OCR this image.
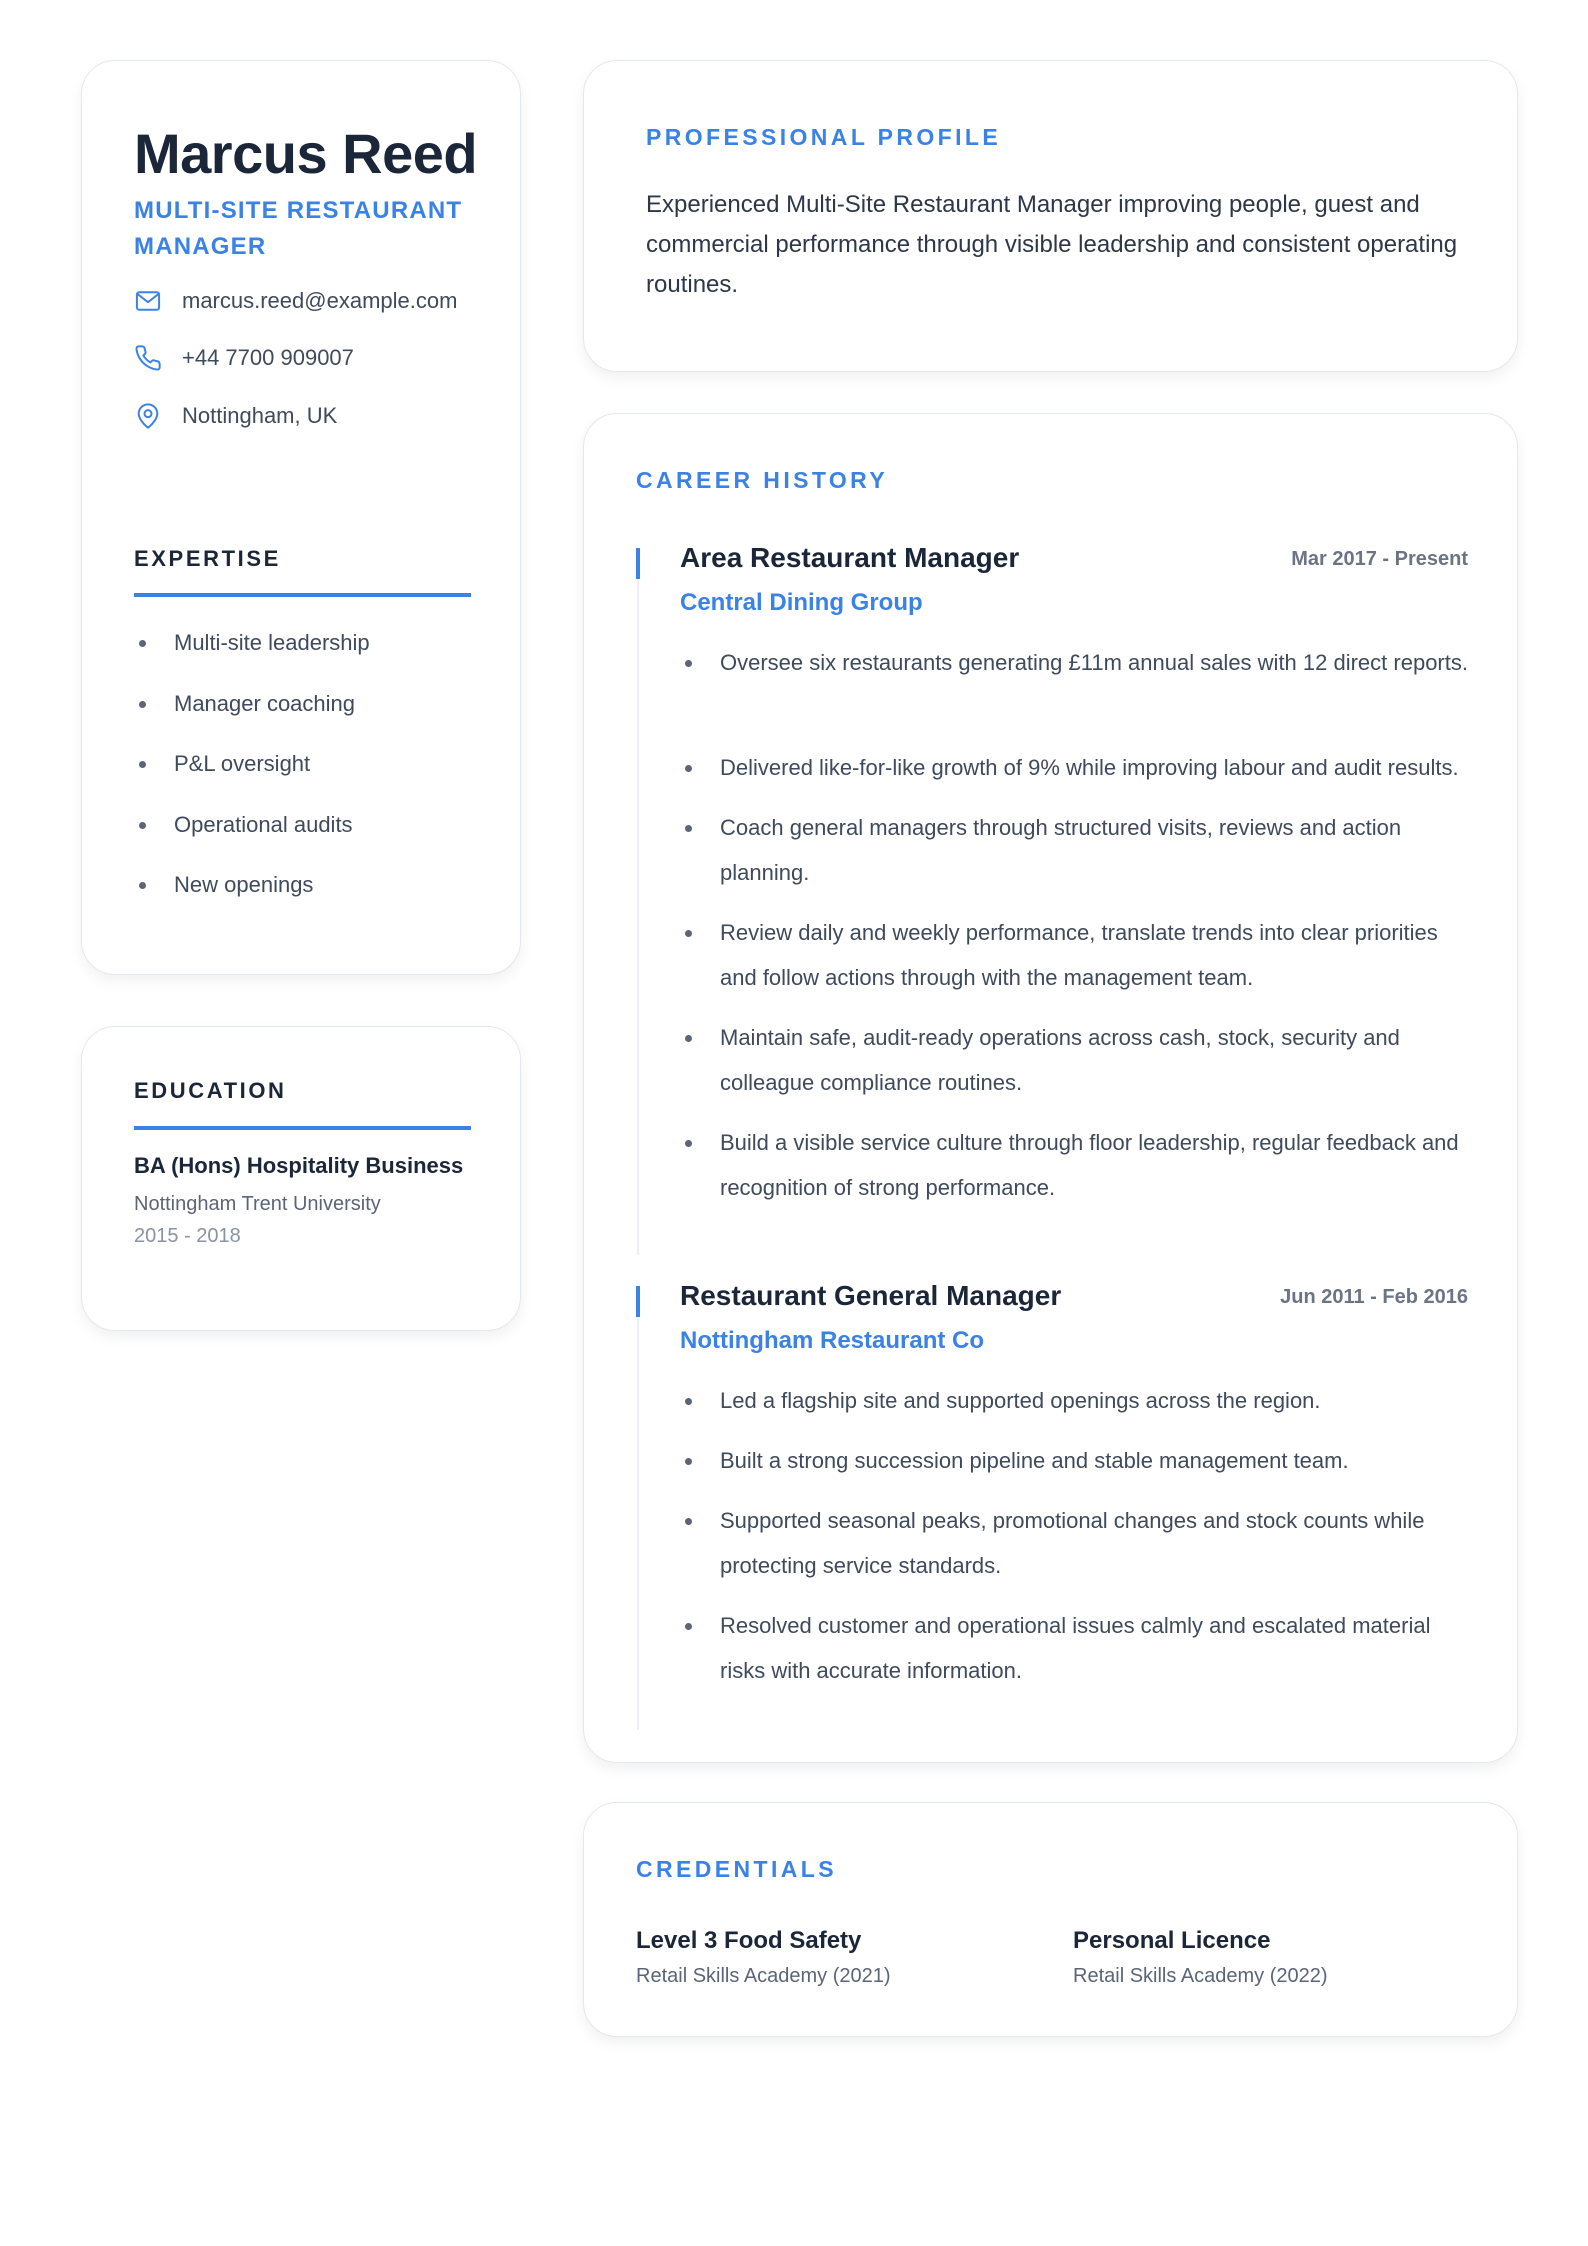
Marcus Reed
MULTI-SITE RESTAURANT MANAGER
marcus.reed@example.com
+44 7700 909007
Nottingham, UK
EXPERTISE
Multi-site leadership
Manager coaching
P&L oversight
Operational audits
New openings
EDUCATION
BA (Hons) Hospitality Business
Nottingham Trent University
2015 - 2018
PROFESSIONAL PROFILE
Experienced Multi-Site Restaurant Manager improving people, guest and commercial performance through visible leadership and consistent operating routines.
CAREER HISTORY
Area Restaurant Manager	Mar 2017 - Present
Central Dining Group
Oversee six restaurants generating £11m annual sales with 12 direct reports.
Delivered like-for-like growth of 9% while improving labour and audit results.
Coach general managers through structured visits, reviews and action planning.
Review daily and weekly performance, translate trends into clear priorities and follow actions through with the management team.
Maintain safe, audit-ready operations across cash, stock, security and colleague compliance routines.
Build a visible service culture through floor leadership, regular feedback and recognition of strong performance.
Restaurant General Manager	Jun 2011 - Feb 2016
Nottingham Restaurant Co
Led a flagship site and supported openings across the region.
Built a strong succession pipeline and stable management team.
Supported seasonal peaks, promotional changes and stock counts while protecting service standards.
Resolved customer and operational issues calmly and escalated material risks with accurate information.
CREDENTIALS
Level 3 Food Safety
Retail Skills Academy (2021)
Personal Licence
Retail Skills Academy (2022)
